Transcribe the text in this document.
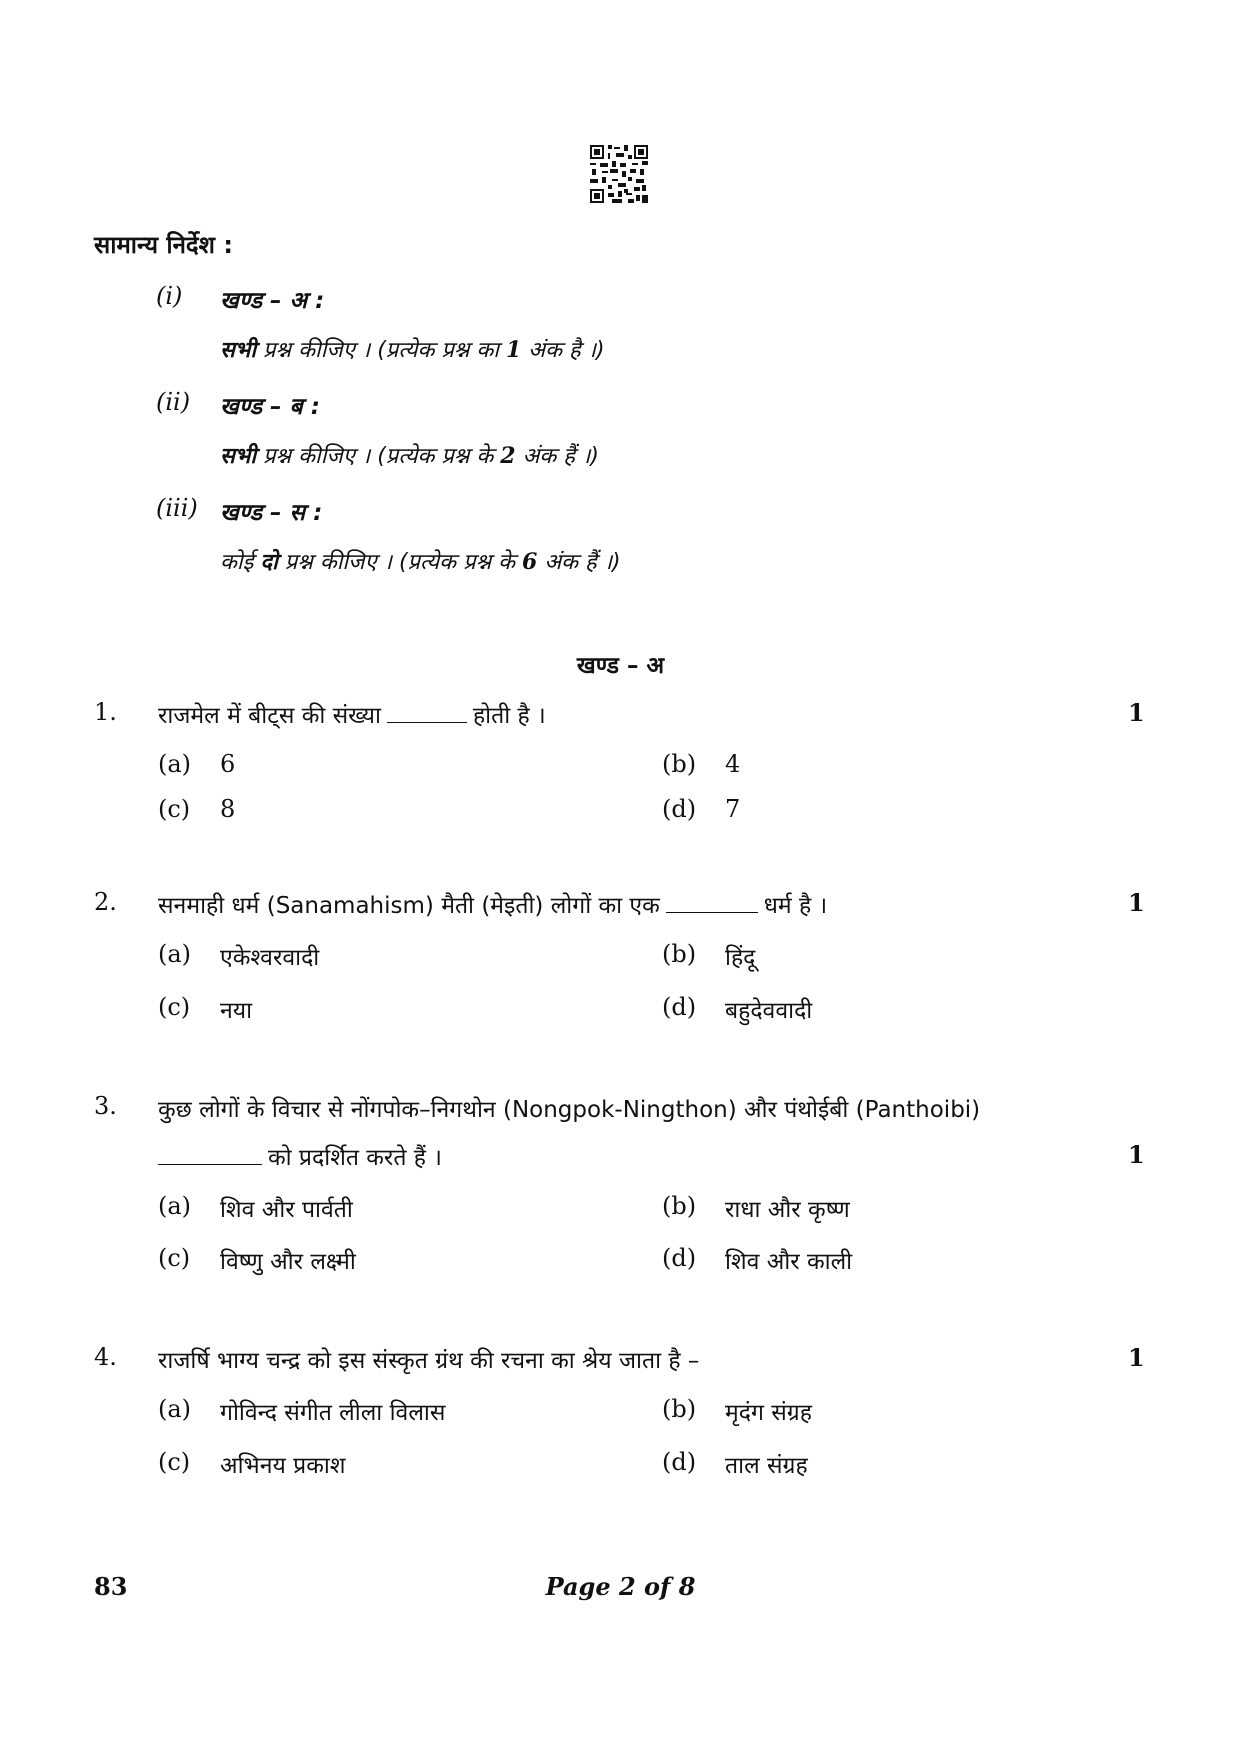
सामान्य निर्देश :
(i) खण्ड – अ :
सभी प्रश्न कीजिए । (प्रत्येक प्रश्न का 1 अंक है ।)
(ii) खण्ड – ब :
सभी प्रश्न कीजिए । (प्रत्येक प्रश्न के 2 अंक हैं ।)
(iii) खण्ड – स :
कोई दो प्रश्न कीजिए । (प्रत्येक प्रश्न के 6 अंक हैं ।)
खण्ड – अ
1. राजमेल में बीट्स की संख्या	होती है ।	1
(a) 6	(b) 4
(c) 8	(d) 7
2. सनमाही धर्म (Sanamahism) मैती (मेइती) लोगों का एक	धर्म है ।	1
(a) एकेश्वरवादी	(b) हिंदू
(c) नया	(d) बहुदेववादी
3. कुछ लोगों के विचार से नोंगपोक–निगथोन (Nongpok-Ningthon) और पंथोईबी (Panthoibi)
को प्रदर्शित करते हैं ।	1
(a) शिव और पार्वती	(b) राधा और कृष्ण
(c) विष्णु और लक्ष्मी	(d) शिव और काली
4. राजर्षि भाग्य चन्द्र को इस संस्कृत ग्रंथ की रचना का श्रेय जाता है –	1
(a) गोविन्द संगीत लीला विलास	(b) मृदंग संग्रह
(c) अभिनय प्रकाश	(d) ताल संग्रह
83	Page 2 of 8
